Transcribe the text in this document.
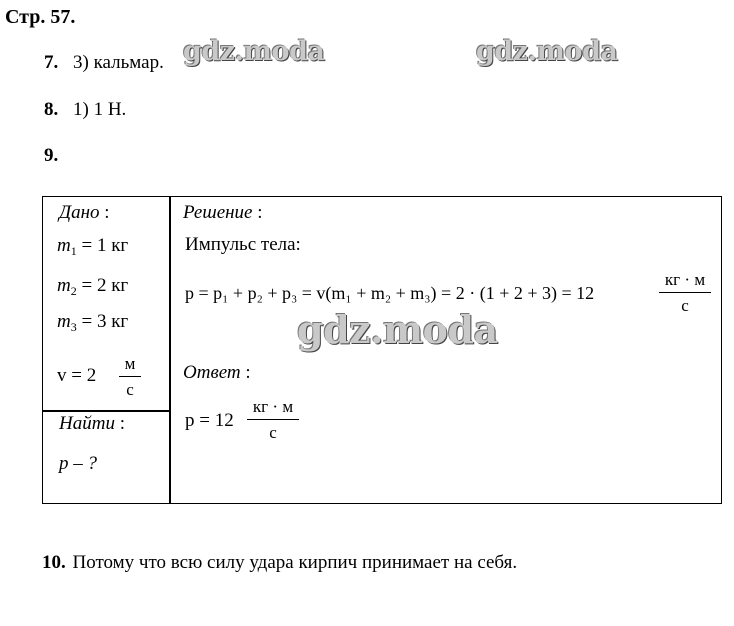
Стр. 57.
7. 3) кальмар. gdz.moda	gdz.moda
8. 1) 1 Н.
9.
Дано :
$m_1 = 1$ кг
$m_2 = 2$ кг
$m_3 = 3$ кг
v = 2
м
с
Найти :
p – ?
Решение :
Импульс тела:
p = p₁ + p₂ + p₃ = v(m₁ + m₂ + m₃) = 2 · (1 + 2 + 3) = 12
кг · м
с
gdz.moda
Ответ :
p = 12
кг · м
с
10. Потому что всю силу удара кирпич принимает на себя.
